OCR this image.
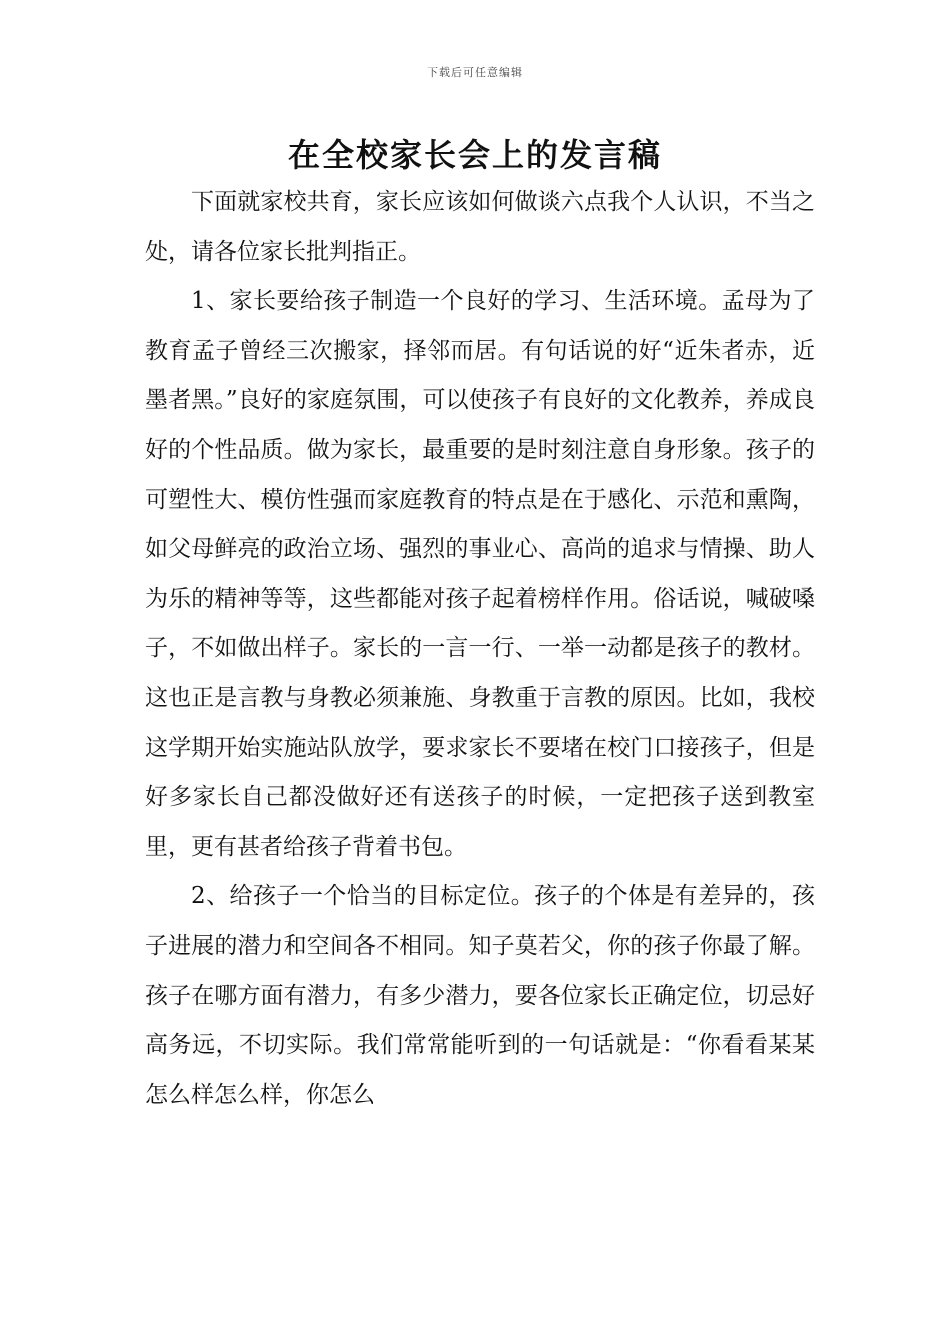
下载后可任意编辑
在全校家长会上的发言稿

下面就家校共育，家长应该如何做谈六点我个人认识，不当之处，请各位家长批判指正。

1、家长要给孩子制造一个良好的学习、生活环境。孟母为了教育孟子曾经三次搬家，择邻而居。有句话说的好“近朱者赤，近墨者黑。”良好的家庭氛围，可以使孩子有良好的文化教养，养成良好的个性品质。做为家长，最重要的是时刻注意自身形象。孩子的可塑性大、模仿性强而家庭教育的特点是在于感化、示范和熏陶，如父母鲜亮的政治立场、强烈的事业心、高尚的追求与情操、助人为乐的精神等等，这些都能对孩子起着榜样作用。俗话说，喊破嗓子，不如做出样子。家长的一言一行、一举一动都是孩子的教材。这也正是言教与身教必须兼施、身教重于言教的原因。比如，我校这学期开始实施站队放学，要求家长不要堵在校门口接孩子，但是好多家长自己都没做好还有送孩子的时候，一定把孩子送到教室里，更有甚者给孩子背着书包。

2、给孩子一个恰当的目标定位。孩子的个体是有差异的，孩子进展的潜力和空间各不相同。知子莫若父，你的孩子你最了解。孩子在哪方面有潜力，有多少潜力，要各位家长正确定位，切忌好高务远，不切实际。我们常常能听到的一句话就是：“你看看某某怎么样怎么样，你怎么
